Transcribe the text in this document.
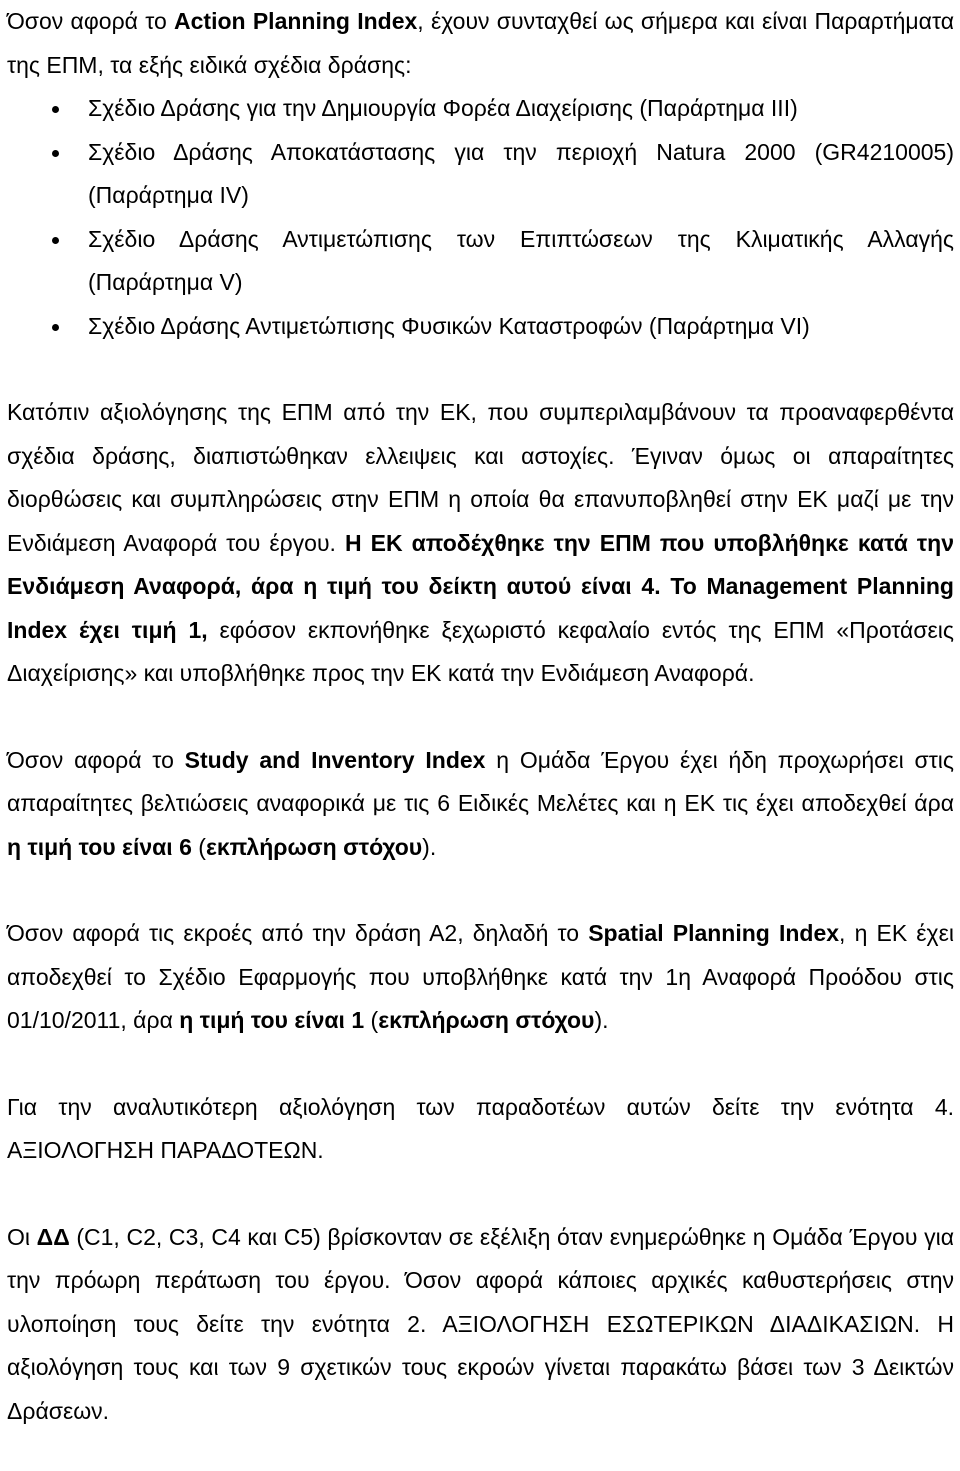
Όσον αφορά το Action Planning Index, έχουν συνταχθεί ως σήμερα και είναι Παραρτήματα της ΕΠΜ, τα εξής ειδικά σχέδια δράσης:

Σχέδιο Δράσης για την Δημιουργία Φορέα Διαχείρισης (Παράρτημα III)
Σχέδιο Δράσης Αποκατάστασης για την περιοχή Natura 2000 (GR4210005) (Παράρτημα IV)
Σχέδιο Δράσης Αντιμετώπισης των Επιπτώσεων της Κλιματικής Αλλαγής (Παράρτημα V)
Σχέδιο Δράσης Αντιμετώπισης Φυσικών Καταστροφών (Παράρτημα VI)

Κατόπιν αξιολόγησης της ΕΠΜ από την ΕΚ, που συμπεριλαμβάνουν τα προαναφερθέντα σχέδια δράσης, διαπιστώθηκαν ελλειψεις και αστοχίες. Έγιναν όμως οι απαραίτητες διορθώσεις και συμπληρώσεις στην ΕΠΜ η οποία θα επανυποβληθεί στην ΕΚ μαζί με την Ενδιάμεση Αναφορά του έργου. Η ΕΚ αποδέχθηκε την ΕΠΜ που υποβλήθηκε κατά την Ενδιάμεση Αναφορά, άρα η τιμή του δείκτη αυτού είναι 4. Το Management Planning Index έχει τιμή 1, εφόσον εκπονήθηκε ξεχωριστό κεφαλαίο εντός της ΕΠΜ «Προτάσεις Διαχείρισης» και υποβλήθηκε προς την ΕΚ κατά την Ενδιάμεση Αναφορά.

Όσον αφορά το Study and Inventory Index η Ομάδα Έργου έχει ήδη προχωρήσει στις απαραίτητες βελτιώσεις αναφορικά με τις 6 Ειδικές Μελέτες και η ΕΚ τις έχει αποδεχθεί άρα η τιμή του είναι 6 (εκπλήρωση στόχου).

Όσον αφορά τις εκροές από την δράση Α2, δηλαδή το Spatial Planning Index, η ΕΚ έχει αποδεχθεί το Σχέδιο Εφαρμογής που υποβλήθηκε κατά την 1η Αναφορά Προόδου στις 01/10/2011, άρα η τιμή του είναι 1 (εκπλήρωση στόχου).

Για την αναλυτικότερη αξιολόγηση των παραδοτέων αυτών δείτε την ενότητα 4. ΑΞΙΟΛΟΓΗΣΗ ΠΑΡΑΔΟΤΕΩΝ.

Οι ΔΔ (C1, C2, C3, C4 και C5) βρίσκονταν σε εξέλιξη όταν ενημερώθηκε η Ομάδα Έργου για την πρόωρη περάτωση του έργου. Όσον αφορά κάποιες αρχικές καθυστερήσεις στην υλοποίηση τους δείτε την ενότητα 2. ΑΞΙΟΛΟΓΗΣΗ ΕΣΩΤΕΡΙΚΩΝ ΔΙΑΔΙΚΑΣΙΩΝ. Η αξιολόγηση τους και των 9 σχετικών τους εκροών γίνεται παρακάτω βάσει των 3 Δεικτών Δράσεων.
